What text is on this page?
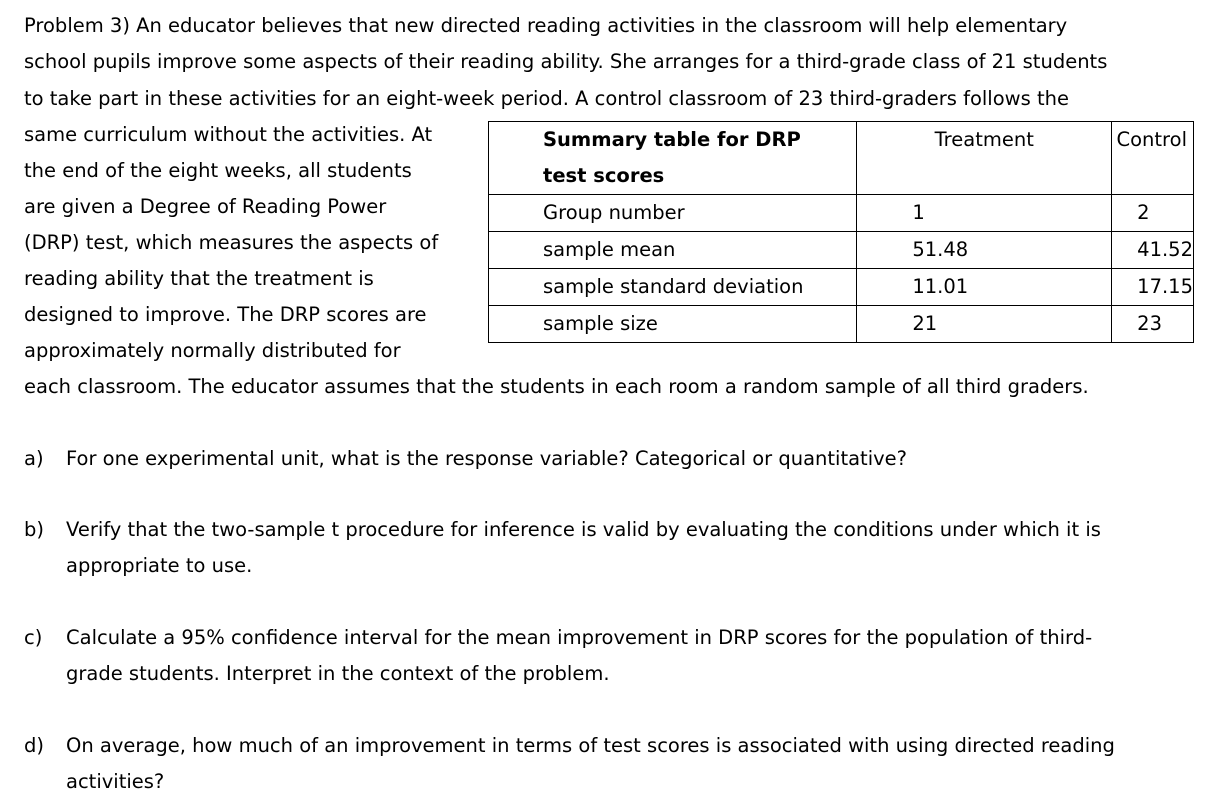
Problem 3) An educator believes that new directed reading activities in the classroom will help elementary
school pupils improve some aspects of their reading ability. She arranges for a third-grade class of 21 students
to take part in these activities for an eight-week period. A control classroom of 23 third-graders follows the
same curriculum without the activities. At
the end of the eight weeks, all students
are given a Degree of Reading Power
(DRP) test, which measures the aspects of
reading ability that the treatment is
designed to improve. The DRP scores are
approximately normally distributed for
each classroom. The educator assumes that the students in each room a random sample of all third graders.
Summary table for DRP
test scores	Treatment	Control

Group number	1	2
sample mean	51.48	41.52
sample standard deviation	11.01	17.15
sample size	21	23
a) For one experimental unit, what is the response variable? Categorical or quantitative?
b) Verify that the two-sample t procedure for inference is valid by evaluating the conditions under which it is
appropriate to use.
c) Calculate a 95% confidence interval for the mean improvement in DRP scores for the population of third-
grade students. Interpret in the context of the problem.
d) On average, how much of an improvement in terms of test scores is associated with using directed reading
activities?
